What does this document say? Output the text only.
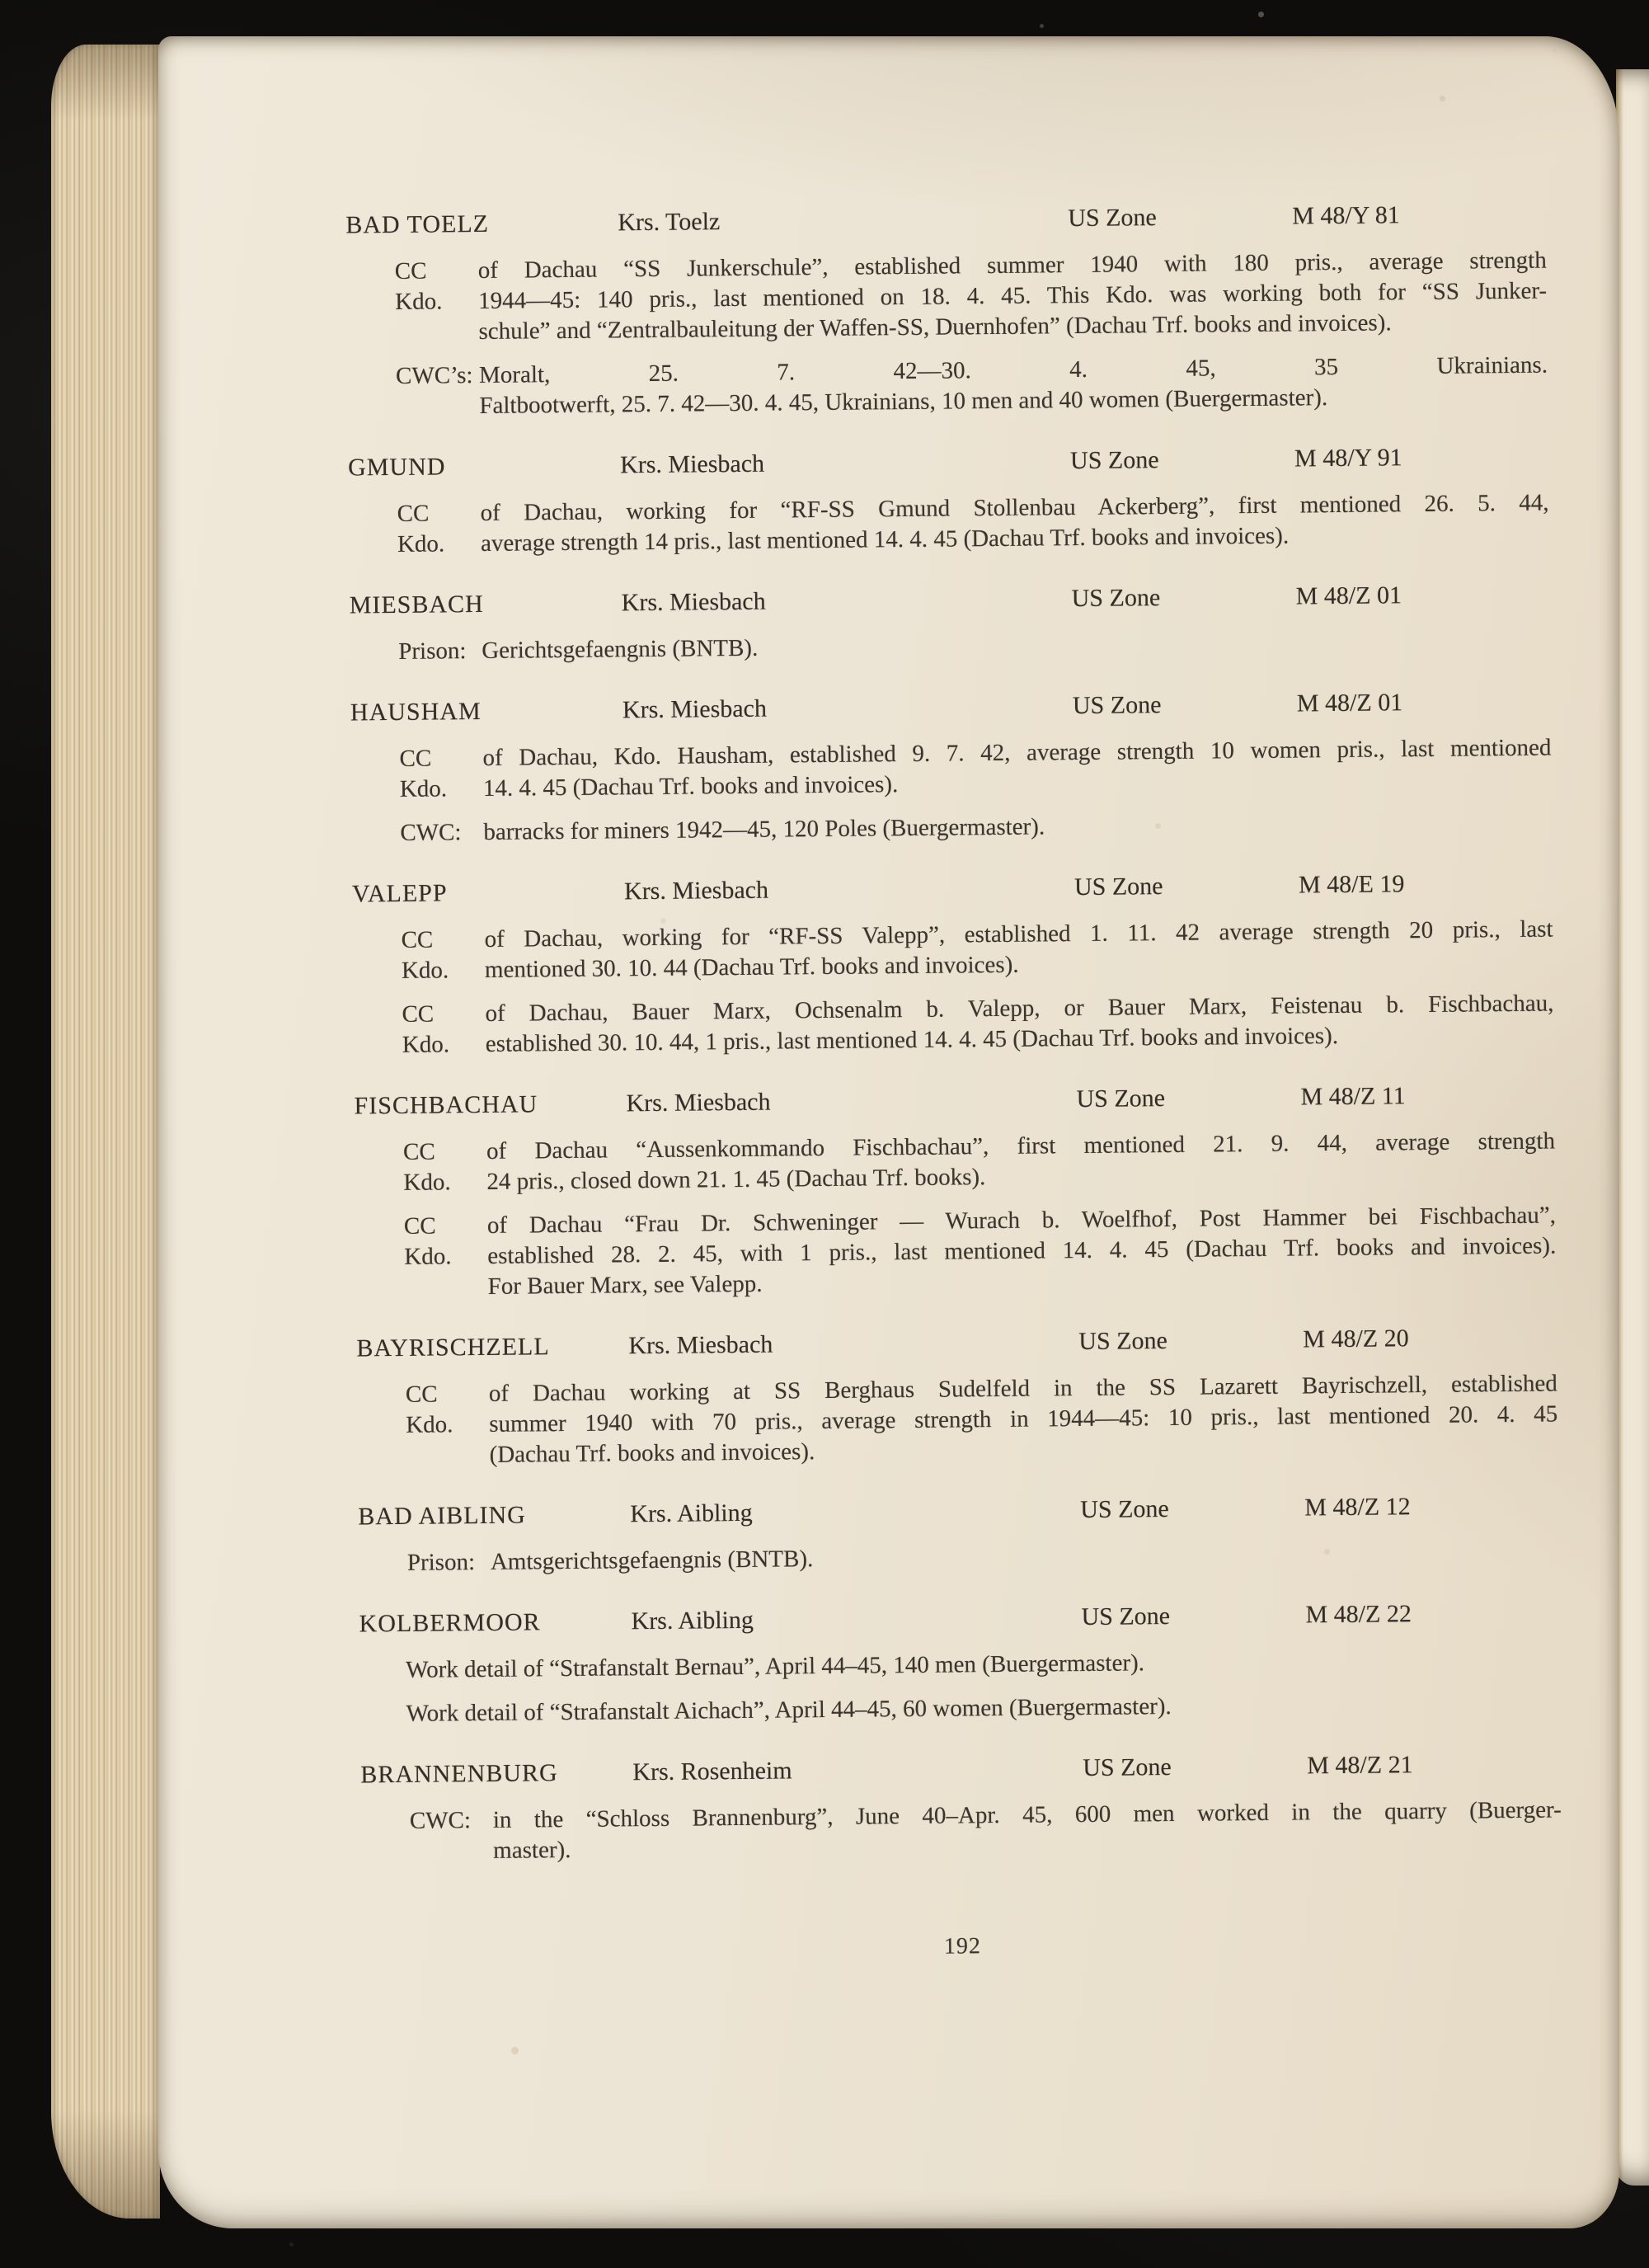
BAD TOELZ	Krs. Toelz	US Zone	M 48/Y 81
CC Kdo.
of Dachau “SS Junkerschule”, established summer 1940 with 180 pris., average strength
1944—45: 140 pris., last mentioned on 18. 4. 45. This Kdo. was working both for “SS Junker-
schule” and “Zentralbauleitung der Waffen-SS, Duernhofen” (Dachau Trf. books and invoices).
CWC’s: Moralt, 25. 7. 42—30. 4. 45, 35 Ukrainians.
Faltbootwerft, 25. 7. 42—30. 4. 45, Ukrainians, 10 men and 40 women (Buergermaster).
GMUND	Krs. Miesbach	US Zone	M 48/Y 91
CC Kdo.
of Dachau, working for “RF-SS Gmund Stollenbau Ackerberg”, first mentioned 26. 5. 44,
average strength 14 pris., last mentioned 14. 4. 45 (Dachau Trf. books and invoices).
MIESBACH	Krs. Miesbach	US Zone	M 48/Z 01
Prison: Gerichtsgefaengnis (BNTB).
HAUSHAM	Krs. Miesbach	US Zone	M 48/Z 01
CC Kdo.
of Dachau, Kdo. Hausham, established 9. 7. 42, average strength 10 women pris., last mentioned
14. 4. 45 (Dachau Trf. books and invoices).
CWC: barracks for miners 1942—45, 120 Poles (Buergermaster).
VALEPP	Krs. Miesbach	US Zone	M 48/E 19
CC Kdo.
of Dachau, working for “RF-SS Valepp”, established 1. 11. 42 average strength 20 pris., last
mentioned 30. 10. 44 (Dachau Trf. books and invoices).
CC Kdo.
of Dachau, Bauer Marx, Ochsenalm b. Valepp, or Bauer Marx, Feistenau b. Fischbachau,
established 30. 10. 44, 1 pris., last mentioned 14. 4. 45 (Dachau Trf. books and invoices).
FISCHBACHAU	Krs. Miesbach	US Zone	M 48/Z 11
CC Kdo.
of Dachau “Aussenkommando Fischbachau”, first mentioned 21. 9. 44, average strength
24 pris., closed down 21. 1. 45 (Dachau Trf. books).
CC Kdo.
of Dachau “Frau Dr. Schweninger — Wurach b. Woelfhof, Post Hammer bei Fischbachau”,
established 28. 2. 45, with 1 pris., last mentioned 14. 4. 45 (Dachau Trf. books and invoices).
For Bauer Marx, see Valepp.
BAYRISCHZELL	Krs. Miesbach	US Zone	M 48/Z 20
CC Kdo.
of Dachau working at SS Berghaus Sudelfeld in the SS Lazarett Bayrischzell, established
summer 1940 with 70 pris., average strength in 1944—45: 10 pris., last mentioned 20. 4. 45
(Dachau Trf. books and invoices).
BAD AIBLING	Krs. Aibling	US Zone	M 48/Z 12
Prison: Amtsgerichtsgefaengnis (BNTB).
KOLBERMOOR	Krs. Aibling	US Zone	M 48/Z 22
Work detail of “Strafanstalt Bernau”, April 44–45, 140 men (Buergermaster).
Work detail of “Strafanstalt Aichach”, April 44–45, 60 women (Buergermaster).
BRANNENBURG	Krs. Rosenheim	US Zone	M 48/Z 21
CWC: in the “Schloss Brannenburg”, June 40–Apr. 45, 600 men worked in the quarry (Buerger-
master).
192
